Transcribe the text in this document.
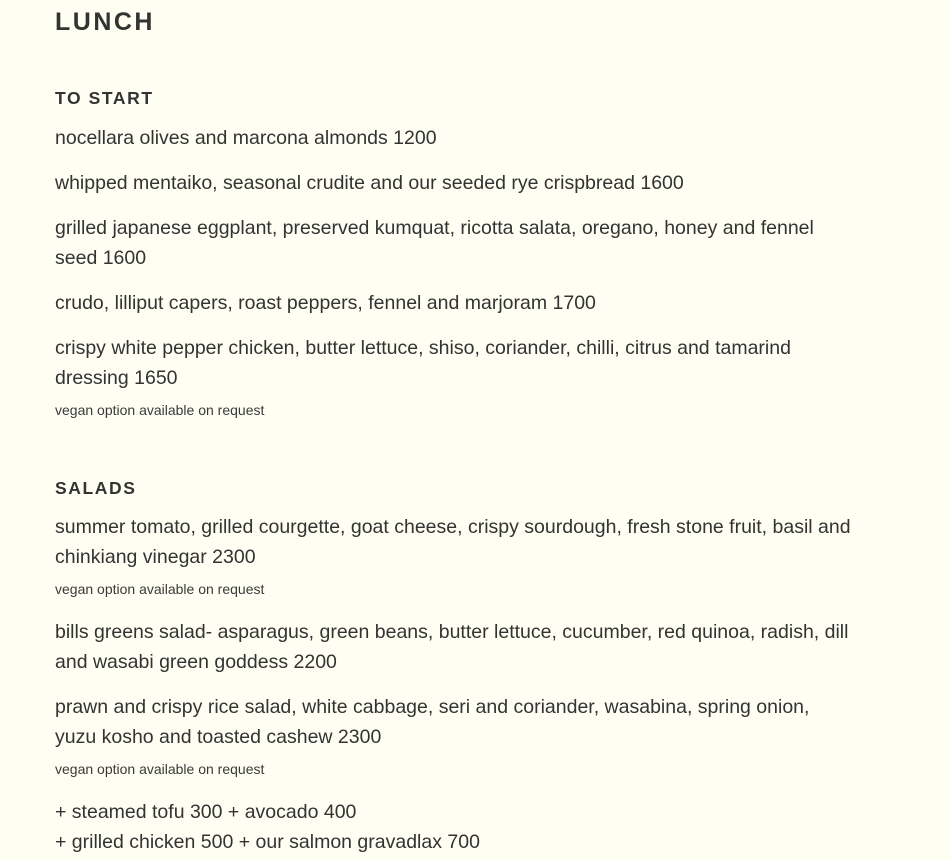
LUNCH
TO START

nocellara olives and marcona almonds 1200

whipped mentaiko, seasonal crudite and our seeded rye crispbread 1600

grilled japanese eggplant, preserved kumquat, ricotta salata, oregano, honey and fennel seed 1600

crudo, lilliput capers, roast peppers, fennel and marjoram 1700

crispy white pepper chicken, butter lettuce, shiso, coriander, chilli, citrus and tamarind dressing 1650

vegan option available on request

SALADS

summer tomato, grilled courgette, goat cheese, crispy sourdough, fresh stone fruit, basil and chinkiang vinegar 2300

vegan option available on request

bills greens salad- asparagus, green beans, butter lettuce, cucumber, red quinoa, radish, dill and wasabi green goddess 2200

prawn and crispy rice salad, white cabbage, seri and coriander, wasabina, spring onion, yuzu kosho and toasted cashew 2300

vegan option available on request

+ steamed tofu 300 + avocado 400

+ grilled chicken 500 + our salmon gravadlax 700
